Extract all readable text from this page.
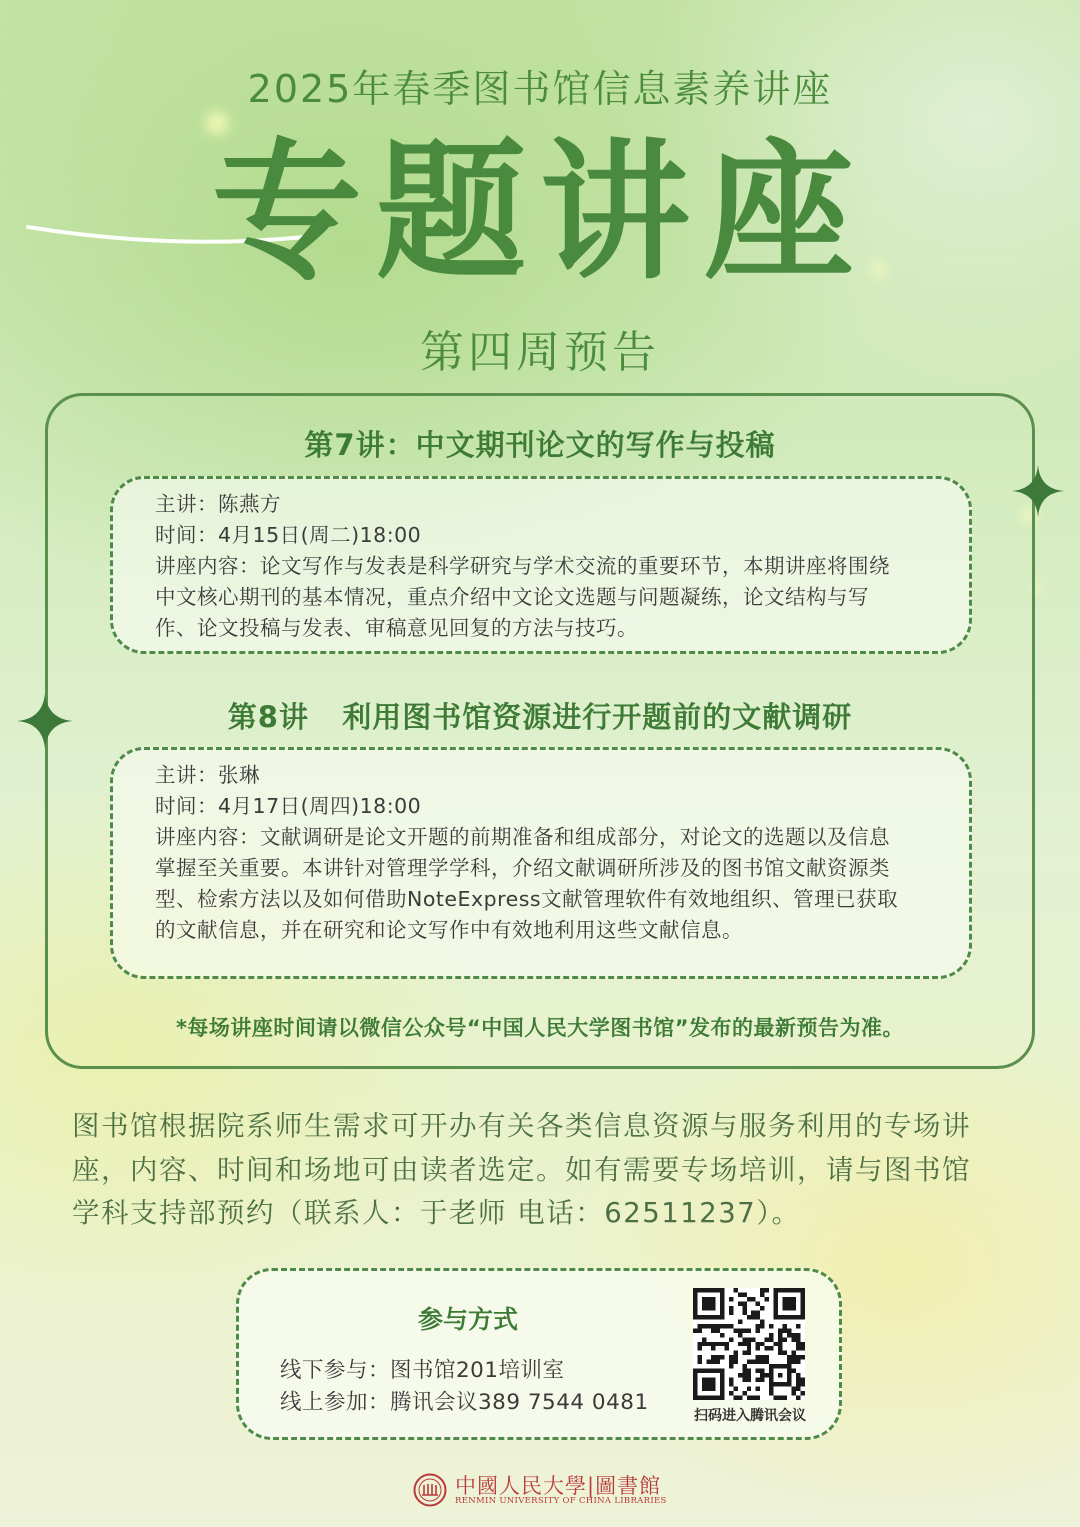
2025年春季图书馆信息素养讲座
专题讲座
第四周预告
第7讲：中文期刊论文的写作与投稿

主讲：陈燕方

时间：4月15日(周二)18:00

讲座内容：论文写作与发表是科学研究与学术交流的重要环节，本期讲座将围绕

中文核心期刊的基本情况，重点介绍中文论文选题与问题凝练，论文结构与写

作、论文投稿与发表、审稿意见回复的方法与技巧。

第8讲   利用图书馆资源进行开题前的文献调研

主讲：张琳

时间：4月17日(周四)18:00

讲座内容：文献调研是论文开题的前期准备和组成部分，对论文的选题以及信息

掌握至关重要。本讲针对管理学学科，介绍文献调研所涉及的图书馆文献资源类

型、检索方法以及如何借助NoteExpress文献管理软件有效地组织、管理已获取

的文献信息，并在研究和论文写作中有效地利用这些文献信息。

*每场讲座时间请以微信公众号“中国人民大学图书馆”发布的最新预告为准。
图书馆根据院系师生需求可开办有关各类信息资源与服务利用的专场讲
座，内容、时间和场地可由读者选定。如有需要专场培训，请与图书馆
学科支持部预约（联系人：于老师 电话：62511237）。
参与方式
线下参与：图书馆201培训室
线上参加：腾讯会议389 7544 0481
扫码进入腾讯会议
中國人民大學|圖書館
RENMIN UNIVERSITY OF CHINA LIBRARIES
